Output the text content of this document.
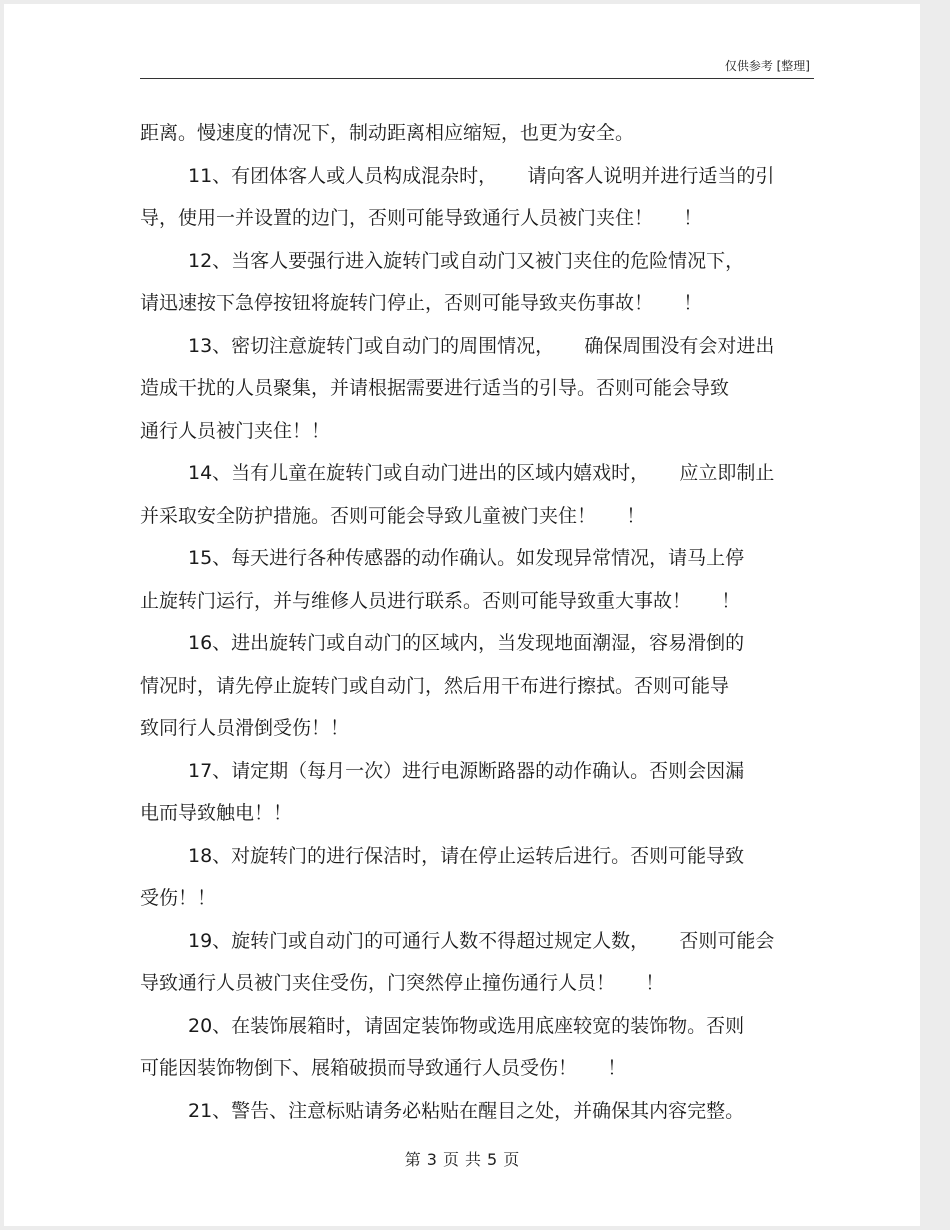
仅供参考 [整理]
距离。慢速度的情况下，制动距离相应缩短，也更为安全。
11、有团体客人或人员构成混杂时，     请向客人说明并进行适当的引
导，使用一并设置的边门，否则可能导致通行人员被门夹住！     ！
12、当客人要强行进入旋转门或自动门又被门夹住的危险情况下，
请迅速按下急停按钮将旋转门停止，否则可能导致夹伤事故！     ！
13、密切注意旋转门或自动门的周围情况，     确保周围没有会对进出
造成干扰的人员聚集，并请根据需要进行适当的引导。否则可能会导致
通行人员被门夹住！！
14、当有儿童在旋转门或自动门进出的区域内嬉戏时，     应立即制止
并采取安全防护措施。否则可能会导致儿童被门夹住！     ！
15、每天进行各种传感器的动作确认。如发现异常情况，请马上停
止旋转门运行，并与维修人员进行联系。否则可能导致重大事故！     ！
16、进出旋转门或自动门的区域内，当发现地面潮湿，容易滑倒的
情况时，请先停止旋转门或自动门，然后用干布进行擦拭。否则可能导
致同行人员滑倒受伤！！
17、请定期（每月一次）进行电源断路器的动作确认。否则会因漏
电而导致触电！！
18、对旋转门的进行保洁时，请在停止运转后进行。否则可能导致
受伤！！
19、旋转门或自动门的可通行人数不得超过规定人数，     否则可能会
导致通行人员被门夹住受伤，门突然停止撞伤通行人员！     ！
20、在装饰展箱时，请固定装饰物或选用底座较宽的装饰物。否则
可能因装饰物倒下、展箱破损而导致通行人员受伤！     ！
21、警告、注意标贴请务必粘贴在醒目之处，并确保其内容完整。
第 3 页 共 5 页
